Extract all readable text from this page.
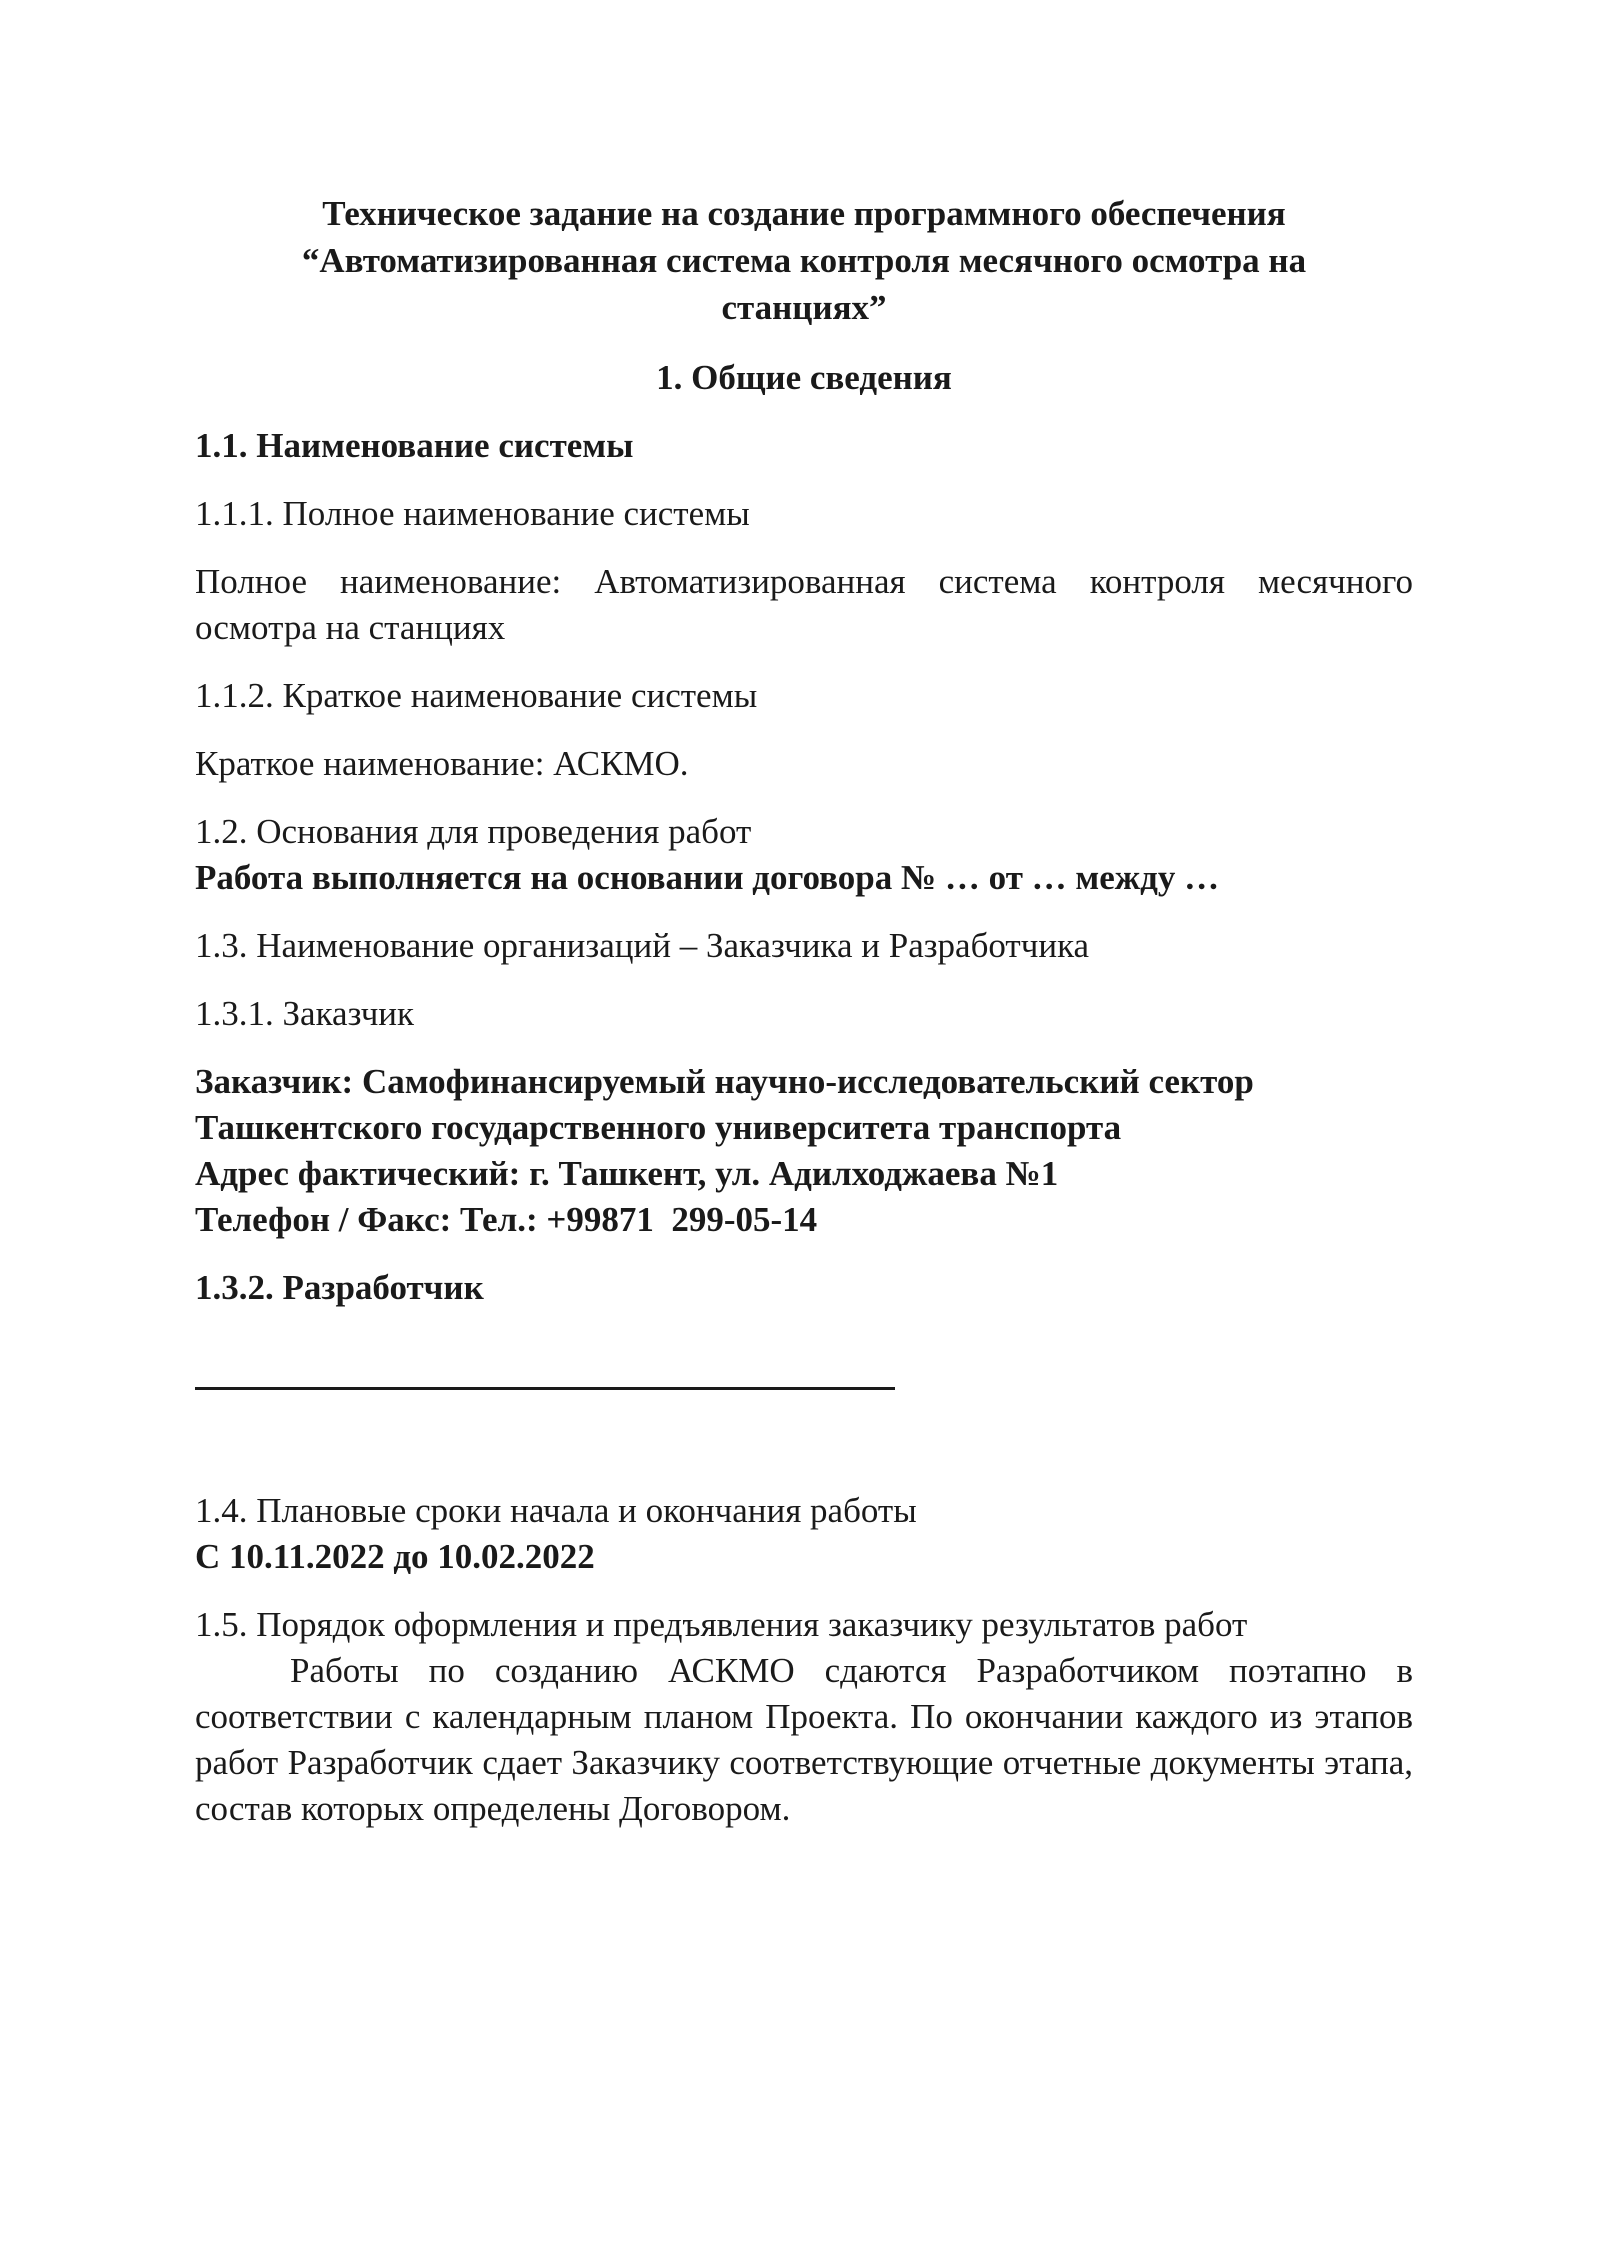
Техническое задание на создание программного обеспечения
“Автоматизированная система контроля месячного осмотра на
станциях”

1. Общие сведения

1.1. Наименование системы

1.1.1. Полное наименование системы

Полное наименование: Автоматизированная система контроля месячного осмотра на станциях

1.1.2. Краткое наименование системы

Краткое наименование: АСКМО.

1.2. Основания для проведения работ

Работа выполняется на основании договора № … от … между …

1.3. Наименование организаций – Заказчика и Разработчика

1.3.1. Заказчик

Заказчик: Самофинансируемый научно-исследовательский сектор
Ташкентского государственного университета транспорта
Адрес фактический: г. Ташкент, ул. Адилходжаева №1
Телефон / Факс: Тел.: +99871  299-05-14

1.3.2. Разработчик

1.4. Плановые сроки начала и окончания работы

С 10.11.2022 до 10.02.2022

1.5. Порядок оформления и предъявления заказчику результатов работ

Работы по созданию АСКМО сдаются Разработчиком поэтапно в соответствии с календарным планом Проекта. По окончании каждого из этапов работ Разработчик сдает Заказчику соответствующие отчетные документы этапа, состав которых определены Договором.
